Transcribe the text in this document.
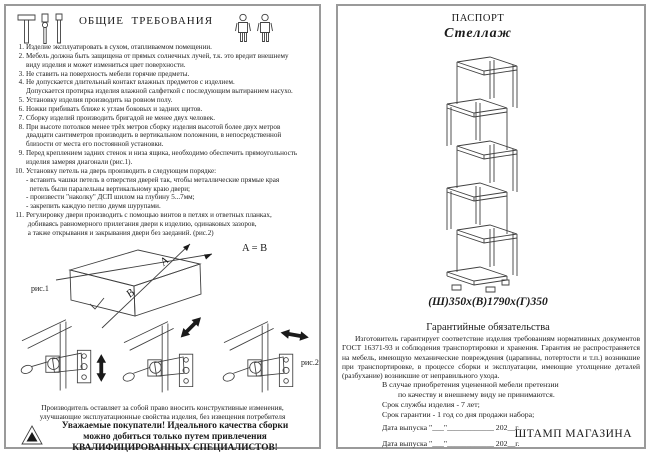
ОБЩИЕ  ТРЕБОВАНИЯ
1. Изделие эксплуатировать в сухом, отапливаемом помещении.
2. Мебель должна быть защищена от прямых солнечных лучей, т.к. это вредит внешнему
виду изделия и может измениться цвет поверхности.
3. Не ставить на поверхность мебели горячие предметы.
4. Не допускается длительный контакт влажных предметов с изделием.
Допускается протирка изделия влажной салфеткой с последующим вытиранием насухо.
5. Установку изделия производить на ровном полу.
6. Ножки прибивать ближе к углам боковых и задних щитов.
7. Сборку изделий производить бригадой не менее двух человек.
8. При высоте потолков менее трёх метров сборку изделия высотой более двух метров
двадцати сантиметров производить в вертикальном положении, в непосредственной
близости от места его постоянной установки.
9. Перед креплением задних стенок и низа ящика, необходимо обеспечить прямоугольность
изделия замеряя диагонали (рис.1).
10. Установку петель на дверь производить в следующем порядке:
- вставить чашки петель в отверстия дверей так, чтобы металлические прямые края
петель были паралельны вертикальному краю двери;
- произвести "наколку" ДСП шилом на глубину 5...7мм;
- закрепить каждую петлю двумя шурупами.
11. Регулировку двери производить с помощью винтов в петлях и ответных планках,
добиваясь равномерного прилегания двери к изделию, одинаковых зазоров,
а также открывания и закрывания двери без заеданий. (рис.2)
A
B
A = B
рис.1
рис.2
Производитель оставляет за собой право вносить конструктивные изменения,
улучшающие эксплуатационные свойства изделия, без извещения потребителя
Уважаемые покупатели! Идеального качества сборки
можно добиться только путем привлечения
КВАЛИФИЦИРОВАННЫХ СПЕЦИАЛИСТОВ!
ПАСПОРТ
Стеллаж
(Ш)350х(В)1790х(Г)350
Гарантийные обязательства
Изготовитель гарантирует соответствие изделия требованиям нормативных документов ГОСТ 16371-93 и соблюдения транспортировки и хранения. Гарантия не распространяется на мебель, имеющую механические повреждения (царапины, потертости и т.п.) возникшие при транспортировке, в процессе сборки и эксплуатации, имеющие утолщение деталей (разбухание) возникшие от неправильного ухода.
В случае приобретения уцененной мебели претензии
по качеству и внешнему виду не принимаются.
Срок службы изделия - 7 лет;
Срок гарантии - 1 год со дня продажи набора;
Дата выпуска "___"____________ 202__г.
Дата выпуска "___"____________ 202__г.
ШТАМП МАГАЗИНА
